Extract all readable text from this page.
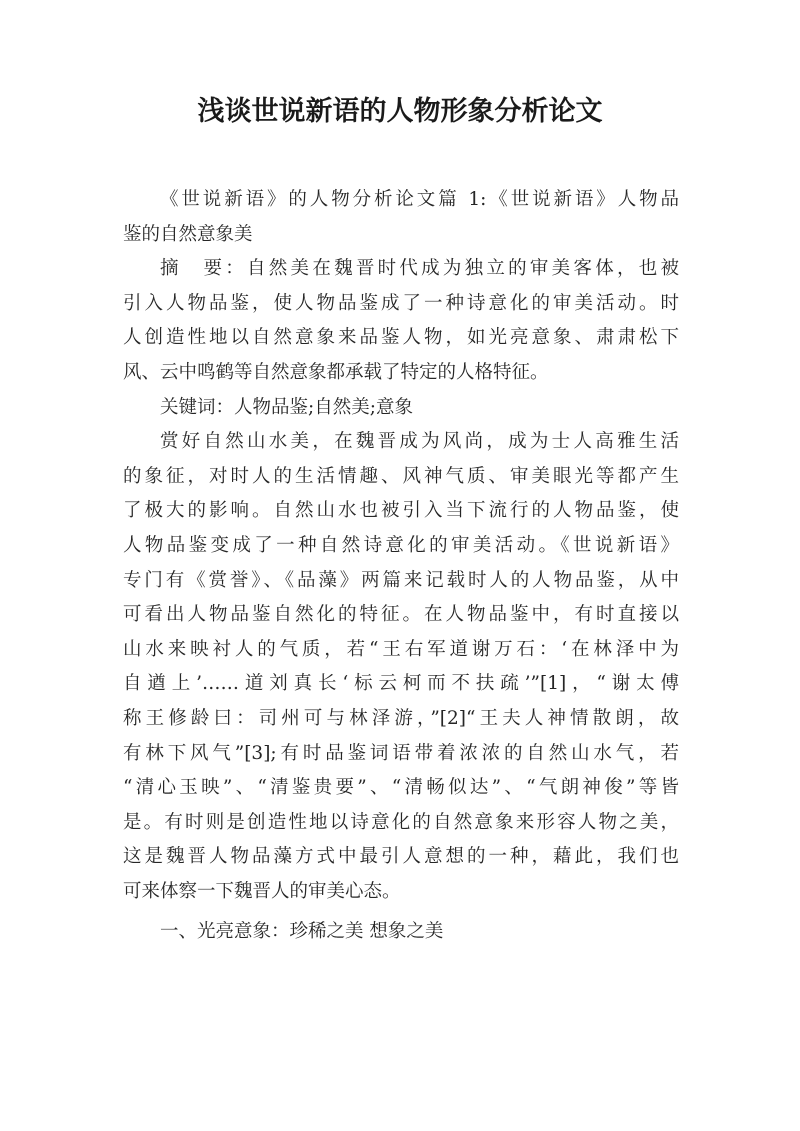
浅谈世说新语的人物形象分析论文
《世说新语》的人物分析论文篇 1:《世说新语》人物品
鉴的自然意象美
摘　要：自然美在魏晋时代成为独立的审美客体，也被
引入人物品鉴，使人物品鉴成了一种诗意化的审美活动。时
人创造性地以自然意象来品鉴人物，如光亮意象、肃肃松下
风、云中鸣鹤等自然意象都承载了特定的人格特征。
关键词：人物品鉴;自然美;意象
赏好自然山水美，在魏晋成为风尚，成为士人高雅生活
的象征，对时人的生活情趣、风神气质、审美眼光等都产生
了极大的影响。自然山水也被引入当下流行的人物品鉴，使
人物品鉴变成了一种自然诗意化的审美活动。《世说新语》
专门有《赏誉》、《品藻》两篇来记载时人的人物品鉴，从中
可看出人物品鉴自然化的特征。在人物品鉴中，有时直接以
山水来映衬人的气质，若“王右军道谢万石：‘在林泽中为
自遒上’……道刘真长‘标云柯而不扶疏’”[1]，“谢太傅
称王修龄曰：司州可与林泽游，”[2]“王夫人神情散朗，故
有林下风气”[3];有时品鉴词语带着浓浓的自然山水气，若
“清心玉映”、“清鉴贵要”、“清畅似达”、“气朗神俊”等皆
是。有时则是创造性地以诗意化的自然意象来形容人物之美，
这是魏晋人物品藻方式中最引人意想的一种，藉此，我们也
可来体察一下魏晋人的审美心态。
一、光亮意象：珍稀之美 想象之美
